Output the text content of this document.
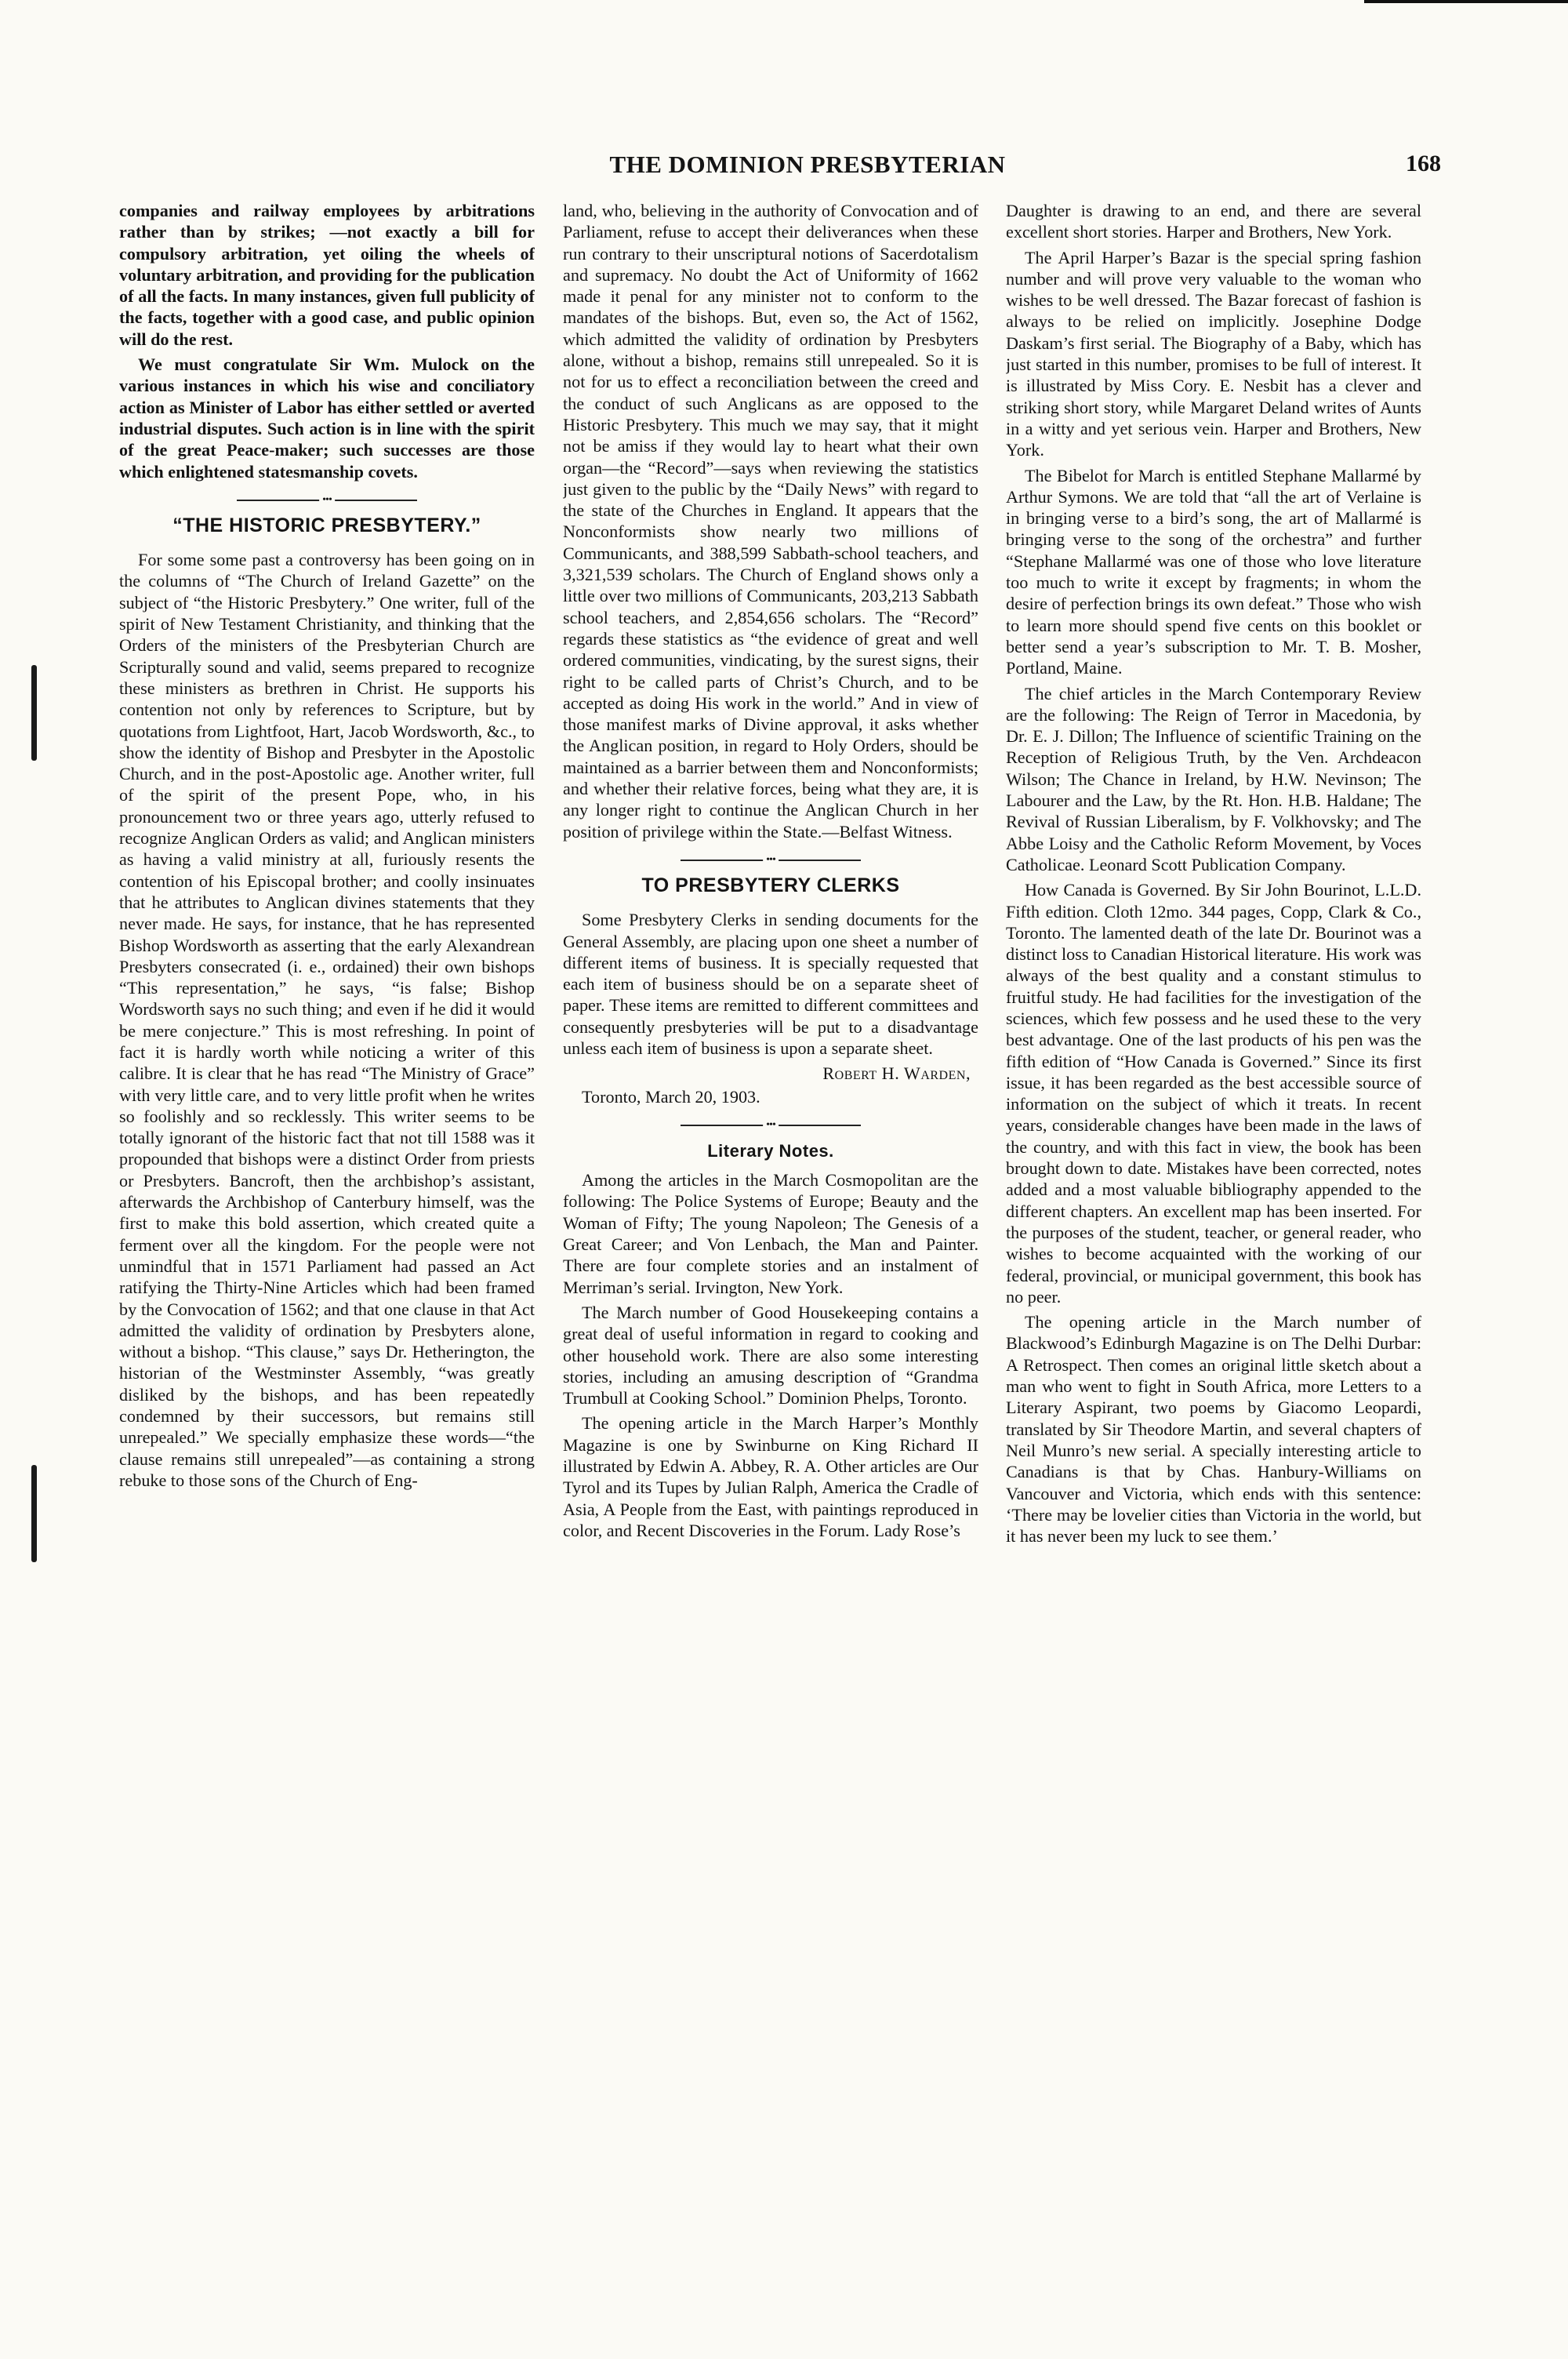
THE DOMINION PRESBYTERIAN	168

companies and railway employees by arbitrations rather than by strikes; —not exactly a bill for compulsory arbitration, yet oiling the wheels of voluntary arbitration, and providing for the publication of all the facts. In many instances, given full publicity of the facts, together with a good case, and public opinion will do the rest.

We must congratulate Sir Wm. Mulock on the various instances in which his wise and conciliatory action as Minister of Labor has either settled or averted industrial disputes. Such action is in line with the spirit of the great Peace-maker; such successes are those which enlightened statesmanship covets.

•••
“THE HISTORIC PRESBYTERY.”

For some some past a controversy has been going on in the columns of “The Church of Ireland Gazette” on the subject of “the Historic Presbytery.” One writer, full of the spirit of New Testament Christianity, and thinking that the Orders of the ministers of the Presbyterian Church are Scripturally sound and valid, seems prepared to recognize these ministers as brethren in Christ. He supports his contention not only by references to Scripture, but by quotations from Lightfoot, Hart, Jacob Wordsworth, &c., to show the identity of Bishop and Presbyter in the Apostolic Church, and in the post-Apostolic age. Another writer, full of the spirit of the present Pope, who, in his pronouncement two or three years ago, utterly refused to recognize Anglican Orders as valid; and Anglican ministers as having a valid ministry at all, furiously resents the contention of his Episcopal brother; and coolly insinuates that he attributes to Anglican divines statements that they never made. He says, for instance, that he has represented Bishop Wordsworth as asserting that the early Alexandrean Presbyters consecrated (i. e., ordained) their own bishops “This representation,” he says, “is false; Bishop Wordsworth says no such thing; and even if he did it would be mere conjecture.” This is most refreshing. In point of fact it is hardly worth while noticing a writer of this calibre. It is clear that he has read “The Ministry of Grace” with very little care, and to very little profit when he writes so foolishly and so recklessly. This writer seems to be totally ignorant of the historic fact that not till 1588 was it propounded that bishops were a distinct Order from priests or Presbyters. Bancroft, then the archbishop’s assistant, afterwards the Archbishop of Canterbury himself, was the first to make this bold assertion, which created quite a ferment over all the kingdom. For the people were not unmindful that in 1571 Parliament had passed an Act ratifying the Thirty-Nine Articles which had been framed by the Convocation of 1562; and that one clause in that Act admitted the validity of ordination by Presbyters alone, without a bishop. “This clause,” says Dr. Hetherington, the historian of the Westminster Assembly, “was greatly disliked by the bishops, and has been repeatedly condemned by their successors, but remains still unrepealed.” We specially emphasize these words—“the clause remains still unrepealed”—as containing a strong rebuke to those sons of the Church of Eng-

land, who, believing in the authority of Convocation and of Parliament, refuse to accept their deliverances when these run contrary to their unscriptural notions of Sacerdotalism and supremacy. No doubt the Act of Uniformity of 1662 made it penal for any minister not to conform to the mandates of the bishops. But, even so, the Act of 1562, which admitted the validity of ordination by Presbyters alone, without a bishop, remains still unrepealed. So it is not for us to effect a reconciliation between the creed and the conduct of such Anglicans as are opposed to the Historic Presbytery. This much we may say, that it might not be amiss if they would lay to heart what their own organ—the “Record”—says when reviewing the statistics just given to the public by the “Daily News” with regard to the state of the Churches in England. It appears that the Nonconformists show nearly two millions of Communicants, and 388,599 Sabbath-school teachers, and 3,321,539 scholars. The Church of England shows only a little over two millions of Communicants, 203,213 Sabbath school teachers, and 2,854,656 scholars. The “Record” regards these statistics as “the evidence of great and well ordered communities, vindicating, by the surest signs, their right to be called parts of Christ’s Church, and to be accepted as doing His work in the world.” And in view of those manifest marks of Divine approval, it asks whether the Anglican position, in regard to Holy Orders, should be maintained as a barrier between them and Nonconformists; and whether their relative forces, being what they are, it is any longer right to continue the Anglican Church in her position of privilege within the State.—Belfast Witness.

•••
TO PRESBYTERY CLERKS

Some Presbytery Clerks in sending documents for the General Assembly, are placing upon one sheet a number of different items of business. It is specially requested that each item of business should be on a separate sheet of paper. These items are remitted to different committees and consequently presbyteries will be put to a disadvantage unless each item of business is upon a separate sheet.

Robert H. Warden,
Toronto, March 20, 1903.
•••
Literary Notes.

Among the articles in the March Cosmopolitan are the following: The Police Systems of Europe; Beauty and the Woman of Fifty; The young Napoleon; The Genesis of a Great Career; and Von Lenbach, the Man and Painter. There are four complete stories and an instalment of Merriman’s serial. Irvington, New York.

The March number of Good Housekeeping contains a great deal of useful information in regard to cooking and other household work. There are also some interesting stories, including an amusing description of “Grandma Trumbull at Cooking School.” Dominion Phelps, Toronto.

The opening article in the March Harper’s Monthly Magazine is one by Swinburne on King Richard II illustrated by Edwin A. Abbey, R. A. Other articles are Our Tyrol and its Tupes by Julian Ralph, America the Cradle of Asia, A People from the East, with paintings reproduced in color, and Recent Discoveries in the Forum. Lady Rose’s

Daughter is drawing to an end, and there are several excellent short stories. Harper and Brothers, New York.

The April Harper’s Bazar is the special spring fashion number and will prove very valuable to the woman who wishes to be well dressed. The Bazar forecast of fashion is always to be relied on implicitly. Josephine Dodge Daskam’s first serial. The Biography of a Baby, which has just started in this number, promises to be full of interest. It is illustrated by Miss Cory. E. Nesbit has a clever and striking short story, while Margaret Deland writes of Aunts in a witty and yet serious vein. Harper and Brothers, New York.

The Bibelot for March is entitled Stephane Mallarmé by Arthur Symons. We are told that “all the art of Verlaine is in bringing verse to a bird’s song, the art of Mallarmé is bringing verse to the song of the orchestra” and further “Stephane Mallarmé was one of those who love literature too much to write it except by fragments; in whom the desire of perfection brings its own defeat.” Those who wish to learn more should spend five cents on this booklet or better send a year’s subscription to Mr. T. B. Mosher, Portland, Maine.

The chief articles in the March Contemporary Review are the following: The Reign of Terror in Macedonia, by Dr. E. J. Dillon; The Influence of scientific Training on the Reception of Religious Truth, by the Ven. Archdeacon Wilson; The Chance in Ireland, by H.W. Nevinson; The Labourer and the Law, by the Rt. Hon. H.B. Haldane; The Revival of Russian Liberalism, by F. Volkhovsky; and The Abbe Loisy and the Catholic Reform Movement, by Voces Catholicae. Leonard Scott Publication Company.

How Canada is Governed. By Sir John Bourinot, L.L.D. Fifth edition. Cloth 12mo. 344 pages, Copp, Clark & Co., Toronto. The lamented death of the late Dr. Bourinot was a distinct loss to Canadian Historical literature. His work was always of the best quality and a constant stimulus to fruitful study. He had facilities for the investigation of the sciences, which few possess and he used these to the very best advantage. One of the last products of his pen was the fifth edition of “How Canada is Governed.” Since its first issue, it has been regarded as the best accessible source of information on the subject of which it treats. In recent years, considerable changes have been made in the laws of the country, and with this fact in view, the book has been brought down to date. Mistakes have been corrected, notes added and a most valuable bibliography appended to the different chapters. An excellent map has been inserted. For the purposes of the student, teacher, or general reader, who wishes to become acquainted with the working of our federal, provincial, or municipal government, this book has no peer.

The opening article in the March number of Blackwood’s Edinburgh Magazine is on The Delhi Durbar: A Retrospect. Then comes an original little sketch about a man who went to fight in South Africa, more Letters to a Literary Aspirant, two poems by Giacomo Leopardi, translated by Sir Theodore Martin, and several chapters of Neil Munro’s new serial. A specially interesting article to Canadians is that by Chas. Hanbury-Williams on Vancouver and Victoria, which ends with this sentence: ‘There may be lovelier cities than Victoria in the world, but it has never been my luck to see them.’
